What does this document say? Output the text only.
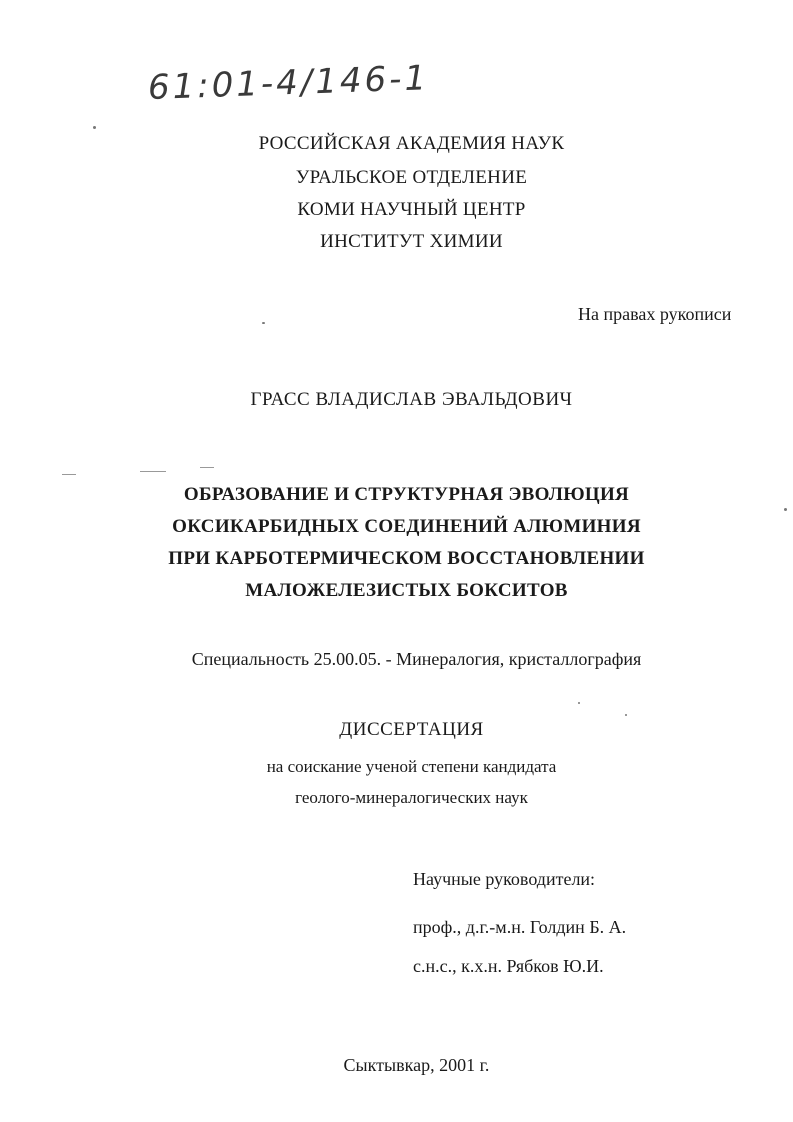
61:01-4/146-1
РОССИЙСКАЯ АКАДЕМИЯ НАУК
УРАЛЬСКОЕ ОТДЕЛЕНИЕ
КОМИ НАУЧНЫЙ ЦЕНТР
ИНСТИТУТ ХИМИИ
На правах рукописи
ГРАСС ВЛАДИСЛАВ ЭВАЛЬДОВИЧ
ОБРАЗОВАНИЕ И СТРУКТУРНАЯ ЭВОЛЮЦИЯ
ОКСИКАРБИДНЫХ СОЕДИНЕНИЙ АЛЮМИНИЯ
ПРИ КАРБОТЕРМИЧЕСКОМ ВОССТАНОВЛЕНИИ
МАЛОЖЕЛЕЗИСТЫХ БОКСИТОВ
Специальность 25.00.05. - Минералогия, кристаллография
ДИССЕРТАЦИЯ
на соискание ученой степени кандидата
геолого-минералогических наук
Научные руководители:
проф., д.г.-м.н. Голдин Б. А.
с.н.с., к.х.н. Рябков Ю.И.
Сыктывкар, 2001 г.
